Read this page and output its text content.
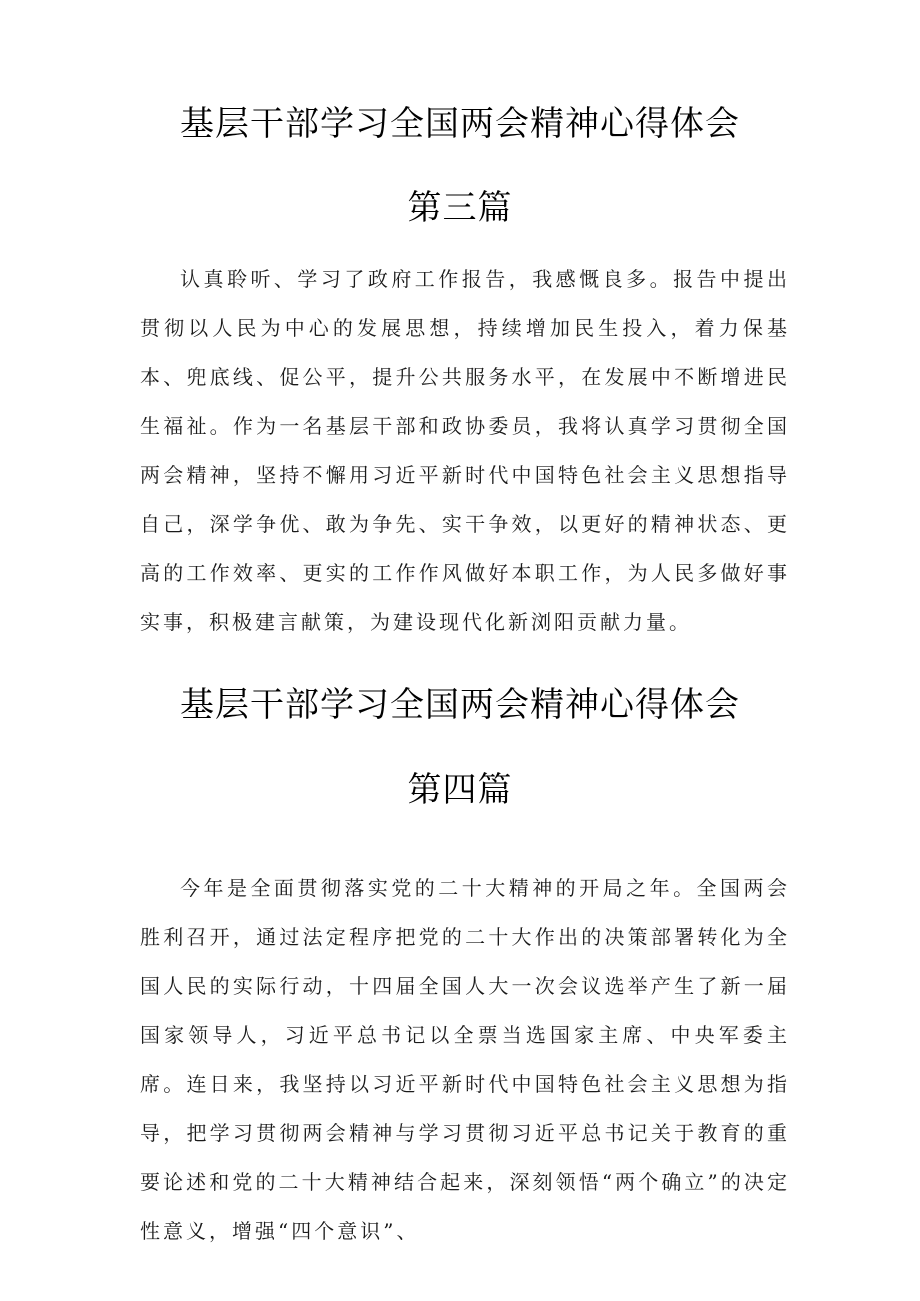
基层干部学习全国两会精神心得体会
第三篇

认真聆听、学习了政府工作报告，我感慨良多。报告中提出贯彻以人民为中心的发展思想，持续增加民生投入，着力保基本、兜底线、促公平，提升公共服务水平，在发展中不断增进民生福祉。作为一名基层干部和政协委员，我将认真学习贯彻全国两会精神，坚持不懈用习近平新时代中国特色社会主义思想指导自己，深学争优、敢为争先、实干争效，以更好的精神状态、更高的工作效率、更实的工作作风做好本职工作，为人民多做好事实事，积极建言献策，为建设现代化新浏阳贡献力量。

基层干部学习全国两会精神心得体会
第四篇

今年是全面贯彻落实党的二十大精神的开局之年。全国两会胜利召开，通过法定程序把党的二十大作出的决策部署转化为全国人民的实际行动，十四届全国人大一次会议选举产生了新一届国家领导人，习近平总书记以全票当选国家主席、中央军委主席。连日来，我坚持以习近平新时代中国特色社会主义思想为指导，把学习贯彻两会精神与学习贯彻习近平总书记关于教育的重要论述和党的二十大精神结合起来，深刻领悟“两个确立”的决定性意义，增强“四个意识”、
